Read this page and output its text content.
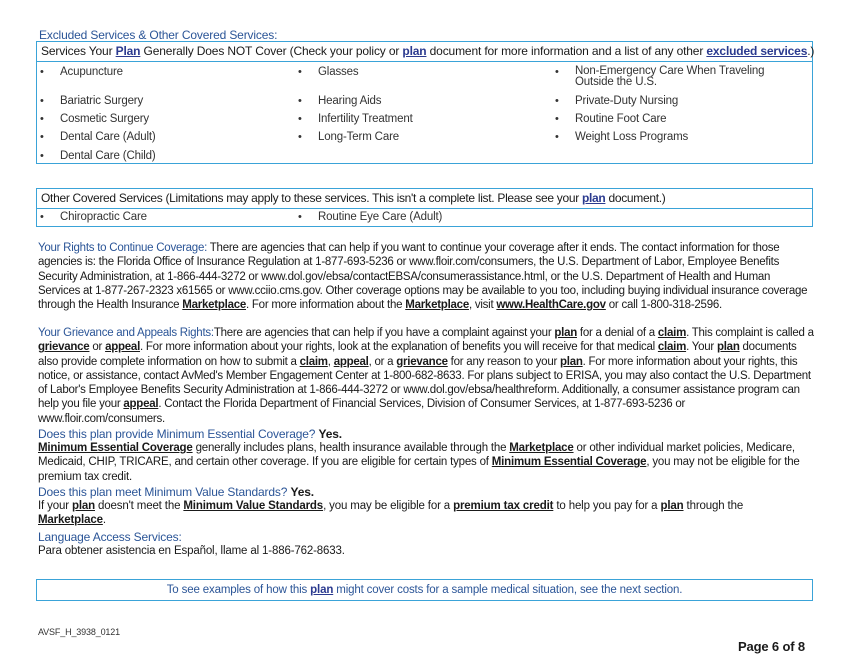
Excluded Services & Other Covered Services:
Services Your Plan Generally Does NOT Cover (Check your policy or plan document for more information and a list of any other excluded services.)
• Acupuncture
• Bariatric Surgery
• Cosmetic Surgery
• Dental Care (Adult)
• Dental Care (Child)
• Glasses
• Hearing Aids
• Infertility Treatment
• Long-Term Care
• Non-Emergency Care When Traveling Outside the U.S.
• Private-Duty Nursing
• Routine Foot Care
• Weight Loss Programs
Other Covered Services (Limitations may apply to these services. This isn't a complete list. Please see your plan document.)
• Chiropractic Care	• Routine Eye Care (Adult)

Your Rights to Continue Coverage: There are agencies that can help if you want to continue your coverage after it ends. The contact information for those agencies is: the Florida Office of Insurance Regulation at 1-877-693-5236 or www.floir.com/consumers, the U.S. Department of Labor, Employee Benefits Security Administration, at 1-866-444-3272 or www.dol.gov/ebsa/contactEBSA/consumerassistance.html, or the U.S. Department of Health and Human Services at 1-877-267-2323 x61565 or www.cciio.cms.gov. Other coverage options may be available to you too, including buying individual insurance coverage through the Health Insurance Marketplace. For more information about the Marketplace, visit www.HealthCare.gov or call 1-800-318-2596.

Your Grievance and Appeals Rights:There are agencies that can help if you have a complaint against your plan for a denial of a claim. This complaint is called a grievance or appeal. For more information about your rights, look at the explanation of benefits you will receive for that medical claim. Your plan documents also provide complete information on how to submit a claim, appeal, or a grievance for any reason to your plan. For more information about your rights, this notice, or assistance, contact AvMed's Member Engagement Center at 1-800-682-8633. For plans subject to ERISA, you may also contact the U.S. Department of Labor's Employee Benefits Security Administration at 1-866-444-3272 or www.dol.gov/ebsa/healthreform. Additionally, a consumer assistance program can help you file your appeal. Contact the Florida Department of Financial Services, Division of Consumer Services, at 1-877-693-5236 or www.floir.com/consumers.

Does this plan provide Minimum Essential Coverage? Yes.

Minimum Essential Coverage generally includes plans, health insurance available through the Marketplace or other individual market policies, Medicare, Medicaid, CHIP, TRICARE, and certain other coverage. If you are eligible for certain types of Minimum Essential Coverage, you may not be eligible for the premium tax credit.

Does this plan meet Minimum Value Standards? Yes.

If your plan doesn't meet the Minimum Value Standards, you may be eligible for a premium tax credit to help you pay for a plan through the Marketplace.

Language Access Services:

Para obtener asistencia en Español, llame al 1-886-762-8633.

To see examples of how this plan might cover costs for a sample medical situation, see the next section.
AVSF_H_3938_0121
Page 6 of 8
